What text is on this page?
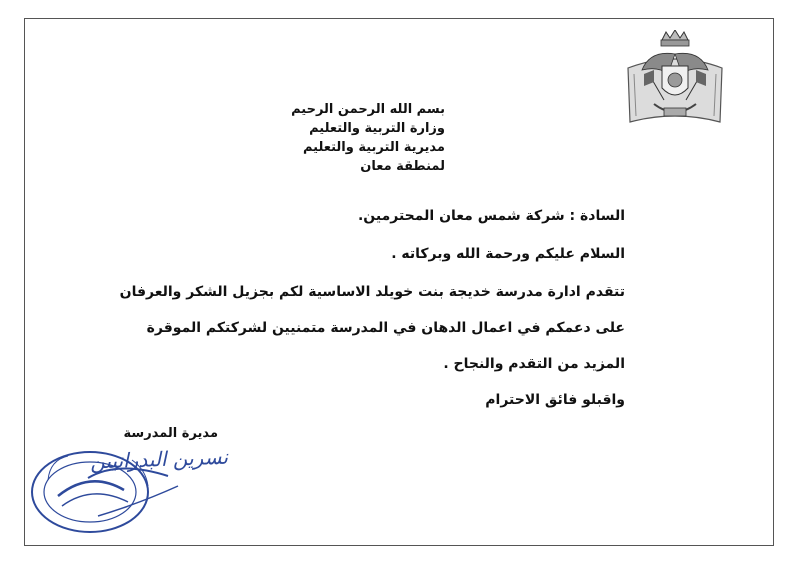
بسم الله الرحمن الرحيم
وزارة التربية والتعليم
مديرية التربية والتعليم
لمنطقة معان
السادة : شركة شمس معان المحترمين.
السلام عليكم ورحمة الله وبركاته .
تتقدم ادارة مدرسة خديجة بنت خويلد الاساسية لكم بجزيل الشكر والعرفان
على دعمكم في اعمال الدهان في المدرسة متمنيين لشركتكم الموقرة
المزيد من التقدم والنجاح .
واقبلو فائق الاحترام
مديرة المدرسة
نسرين البدرانيين
